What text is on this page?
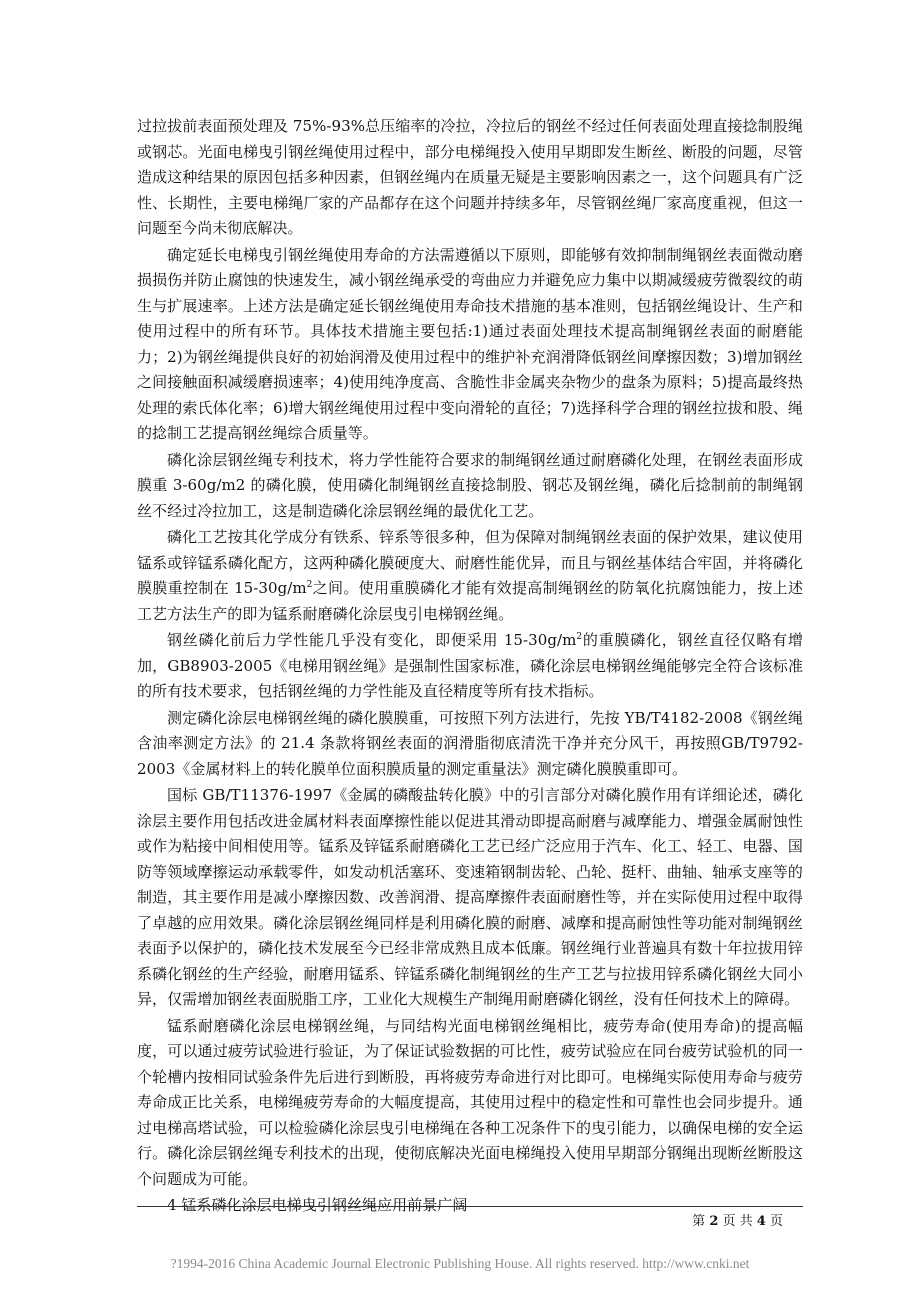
过拉拔前表面预处理及 75%-93%总压缩率的冷拉，冷拉后的钢丝不经过任何表面处理直接捻制股绳或钢芯。光面电梯曳引钢丝绳使用过程中，部分电梯绳投入使用早期即发生断丝、断股的问题，尽管造成这种结果的原因包括多种因素，但钢丝绳内在质量无疑是主要影响因素之一，这个问题具有广泛性、长期性，主要电梯绳厂家的产品都存在这个问题并持续多年，尽管钢丝绳厂家高度重视，但这一问题至今尚未彻底解决。

确定延长电梯曳引钢丝绳使用寿命的方法需遵循以下原则，即能够有效抑制制绳钢丝表面微动磨损损伤并防止腐蚀的快速发生，减小钢丝绳承受的弯曲应力并避免应力集中以期减缓疲劳微裂纹的萌生与扩展速率。上述方法是确定延长钢丝绳使用寿命技术措施的基本准则，包括钢丝绳设计、生产和使用过程中的所有环节。具体技术措施主要包括:1)通过表面处理技术提高制绳钢丝表面的耐磨能力；2)为钢丝绳提供良好的初始润滑及使用过程中的维护补充润滑降低钢丝间摩擦因数；3)增加钢丝之间接触面积减缓磨损速率；4)使用纯净度高、含脆性非金属夹杂物少的盘条为原料；5)提高最终热处理的索氏体化率；6)增大钢丝绳使用过程中变向滑轮的直径；7)选择科学合理的钢丝拉拔和股、绳的捻制工艺提高钢丝绳综合质量等。

磷化涂层钢丝绳专利技术，将力学性能符合要求的制绳钢丝通过耐磨磷化处理，在钢丝表面形成膜重 3-60g/m2 的磷化膜，使用磷化制绳钢丝直接捻制股、钢芯及钢丝绳，磷化后捻制前的制绳钢丝不经过冷拉加工，这是制造磷化涂层钢丝绳的最优化工艺。

磷化工艺按其化学成分有铁系、锌系等很多种，但为保障对制绳钢丝表面的保护效果，建议使用锰系或锌锰系磷化配方，这两种磷化膜硬度大、耐磨性能优异，而且与钢丝基体结合牢固，并将磷化膜膜重控制在 $15-30g/m^2$之间。使用重膜磷化才能有效提高制绳钢丝的防氧化抗腐蚀能力，按上述工艺方法生产的即为锰系耐磨磷化涂层曳引电梯钢丝绳。

钢丝磷化前后力学性能几乎没有变化，即便采用 $15-30g/m^2$的重膜磷化，钢丝直径仅略有增加，GB8903-2005《电梯用钢丝绳》是强制性国家标准，磷化涂层电梯钢丝绳能够完全符合该标准的所有技术要求，包括钢丝绳的力学性能及直径精度等所有技术指标。

测定磷化涂层电梯钢丝绳的磷化膜膜重，可按照下列方法进行，先按 YB/T4182-2008《钢丝绳含油率测定方法》的 21.4 条款将钢丝表面的润滑脂彻底清洗干净并充分风干，再按照GB/T9792-2003《金属材料上的转化膜单位面积膜质量的测定重量法》测定磷化膜膜重即可。

国标 GB/T11376-1997《金属的磷酸盐转化膜》中的引言部分对磷化膜作用有详细论述，磷化涂层主要作用包括改进金属材料表面摩擦性能以促进其滑动即提高耐磨与减摩能力、增强金属耐蚀性或作为粘接中间相使用等。锰系及锌锰系耐磨磷化工艺已经广泛应用于汽车、化工、轻工、电器、国防等领域摩擦运动承载零件，如发动机活塞环、变速箱钢制齿轮、凸轮、挺杆、曲轴、轴承支座等的制造，其主要作用是减小摩擦因数、改善润滑、提高摩擦件表面耐磨性等，并在实际使用过程中取得了卓越的应用效果。磷化涂层钢丝绳同样是利用磷化膜的耐磨、减摩和提高耐蚀性等功能对制绳钢丝表面予以保护的，磷化技术发展至今已经非常成熟且成本低廉。钢丝绳行业普遍具有数十年拉拔用锌系磷化钢丝的生产经验，耐磨用锰系、锌锰系磷化制绳钢丝的生产工艺与拉拔用锌系磷化钢丝大同小异，仅需增加钢丝表面脱脂工序，工业化大规模生产制绳用耐磨磷化钢丝，没有任何技术上的障碍。

锰系耐磨磷化涂层电梯钢丝绳，与同结构光面电梯钢丝绳相比，疲劳寿命(使用寿命)的提高幅度，可以通过疲劳试验进行验证，为了保证试验数据的可比性，疲劳试验应在同台疲劳试验机的同一个轮槽内按相同试验条件先后进行到断股，再将疲劳寿命进行对比即可。电梯绳实际使用寿命与疲劳寿命成正比关系，电梯绳疲劳寿命的大幅度提高，其使用过程中的稳定性和可靠性也会同步提升。通过电梯高塔试验，可以检验磷化涂层曳引电梯绳在各种工况条件下的曳引能力，以确保电梯的安全运行。磷化涂层钢丝绳专利技术的出现，使彻底解决光面电梯绳投入使用早期部分钢绳出现断丝断股这个问题成为可能。

4 锰系磷化涂层电梯曳引钢丝绳应用前景广阔

第 2 页 共 4 页
?1994-2016 China Academic Journal Electronic Publishing House. All rights reserved. http://www.cnki.net
